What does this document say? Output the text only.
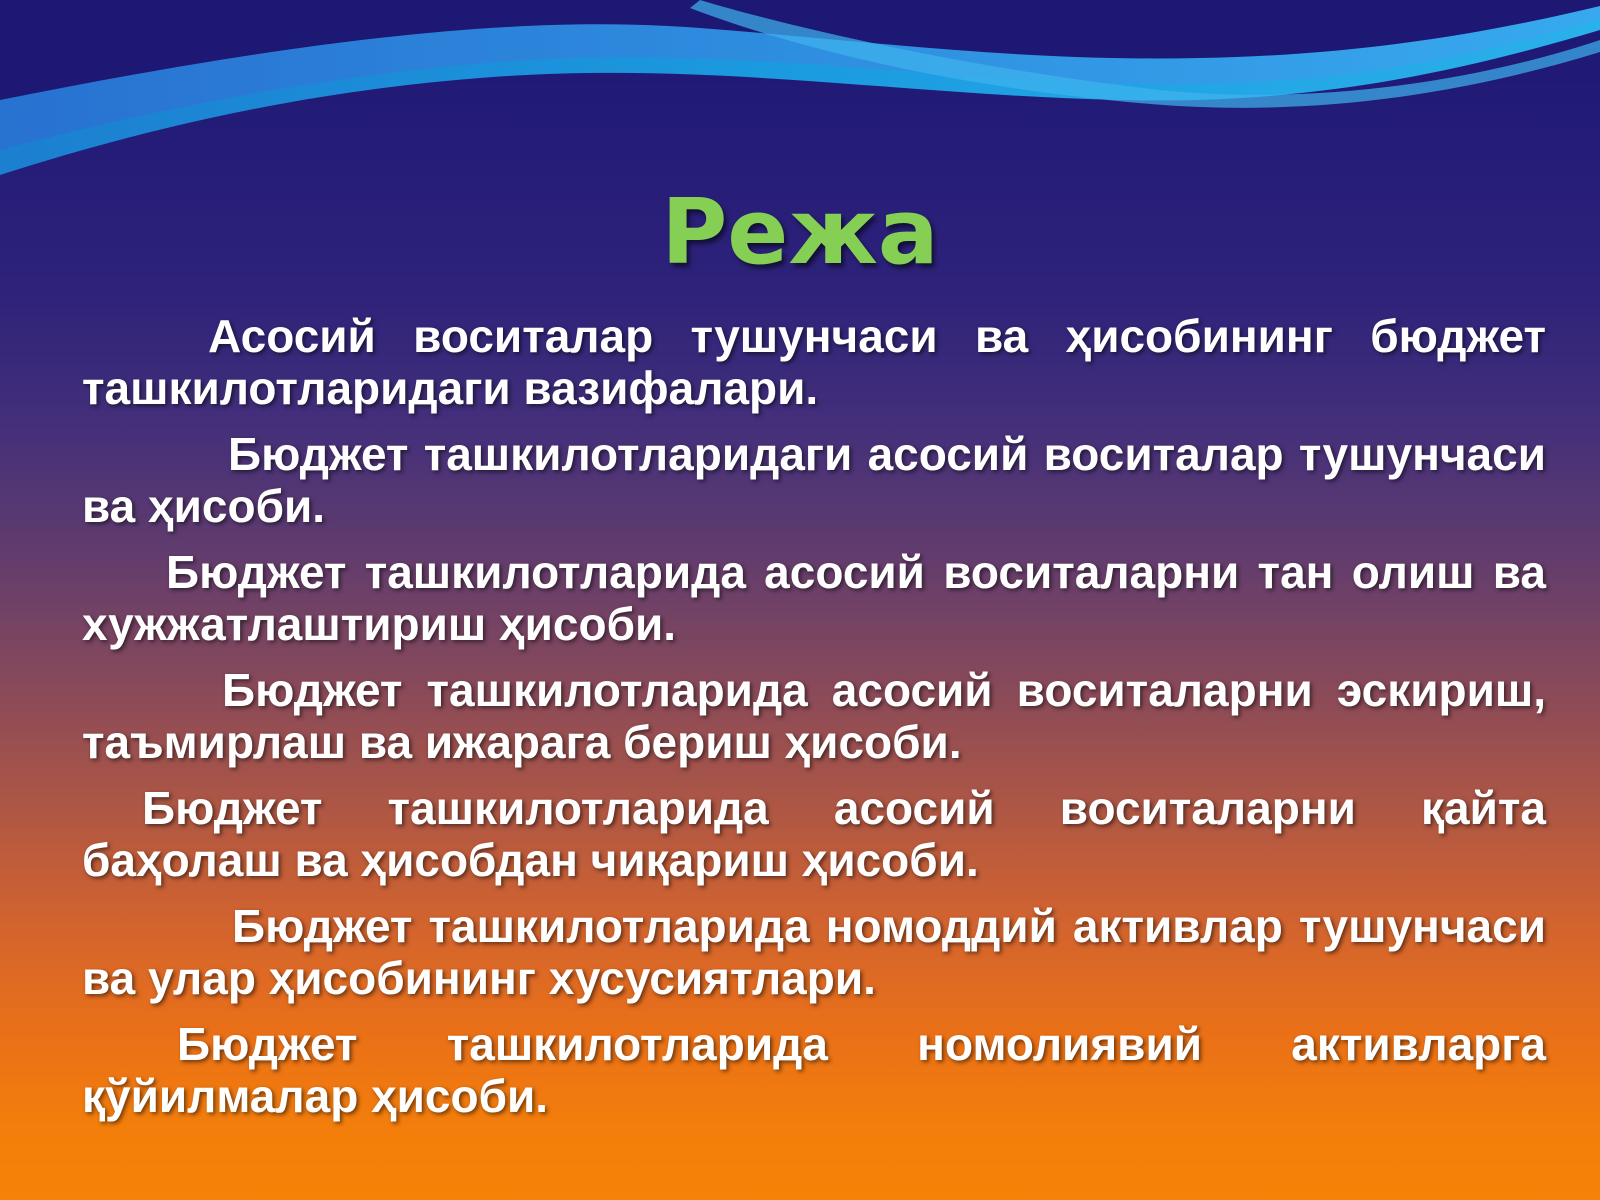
Режа
Асосий воситалар тушунчаси ва ҳисобининг бюджет ташкилотларидаги вазифалари.
Бюджет ташкилотларидаги асосий воситалар тушунчаси ва ҳисоби.
Бюджет ташкилотларида асосий воситаларни тан олиш ва хужжатлаштириш ҳисоби.
Бюджет ташкилотларида асосий воситаларни эскириш, таъмирлаш ва ижарага бериш ҳисоби.
Бюджет ташкилотларида асосий воситаларни қайта баҳолаш ва ҳисобдан чиқариш ҳисоби.
Бюджет ташкилотларида номоддий активлар тушунчаси ва улар ҳисобининг хусусиятлари.
Бюджет ташкилотларида номолиявий активларга қўйилмалар ҳисоби.
